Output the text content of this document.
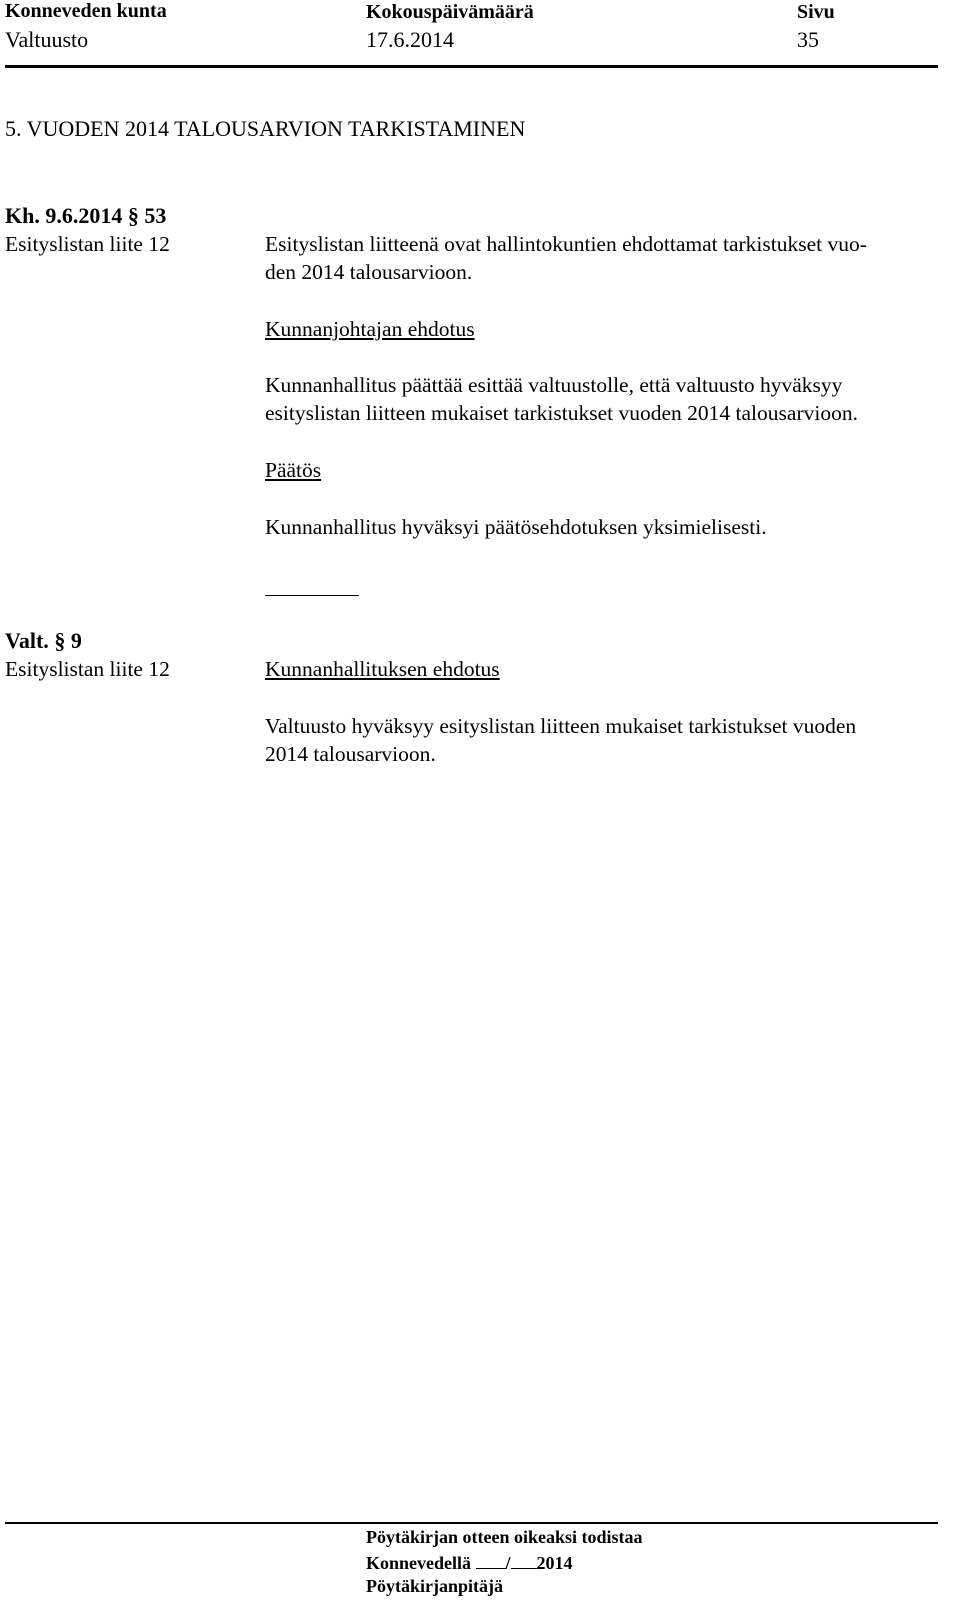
Konneveden kunta	Kokouspäivämäärä	Sivu
Valtuusto	17.6.2014	35
5. VUODEN 2014 TALOUSARVION TARKISTAMINEN
Kh. 9.6.2014 § 53
Esityslistan liite 12	Esityslistan liitteenä ovat hallintokuntien ehdottamat tarkistukset vuo-
den 2014 talousarvioon.
Kunnanjohtajan ehdotus
Kunnanhallitus päättää esittää valtuustolle, että valtuusto hyväksyy
esityslistan liitteen mukaiset tarkistukset vuoden 2014 talousarvioon.
Päätös
Kunnanhallitus hyväksyi päätösehdotuksen yksimielisesti.
Valt. § 9
Esityslistan liite 12	Kunnanhallituksen ehdotus
Valtuusto hyväksyy esityslistan liitteen mukaiset tarkistukset vuoden
2014 talousarvioon.
Pöytäkirjan otteen oikeaksi todistaa
Konnevedellä / 2014
Pöytäkirjanpitäjä
